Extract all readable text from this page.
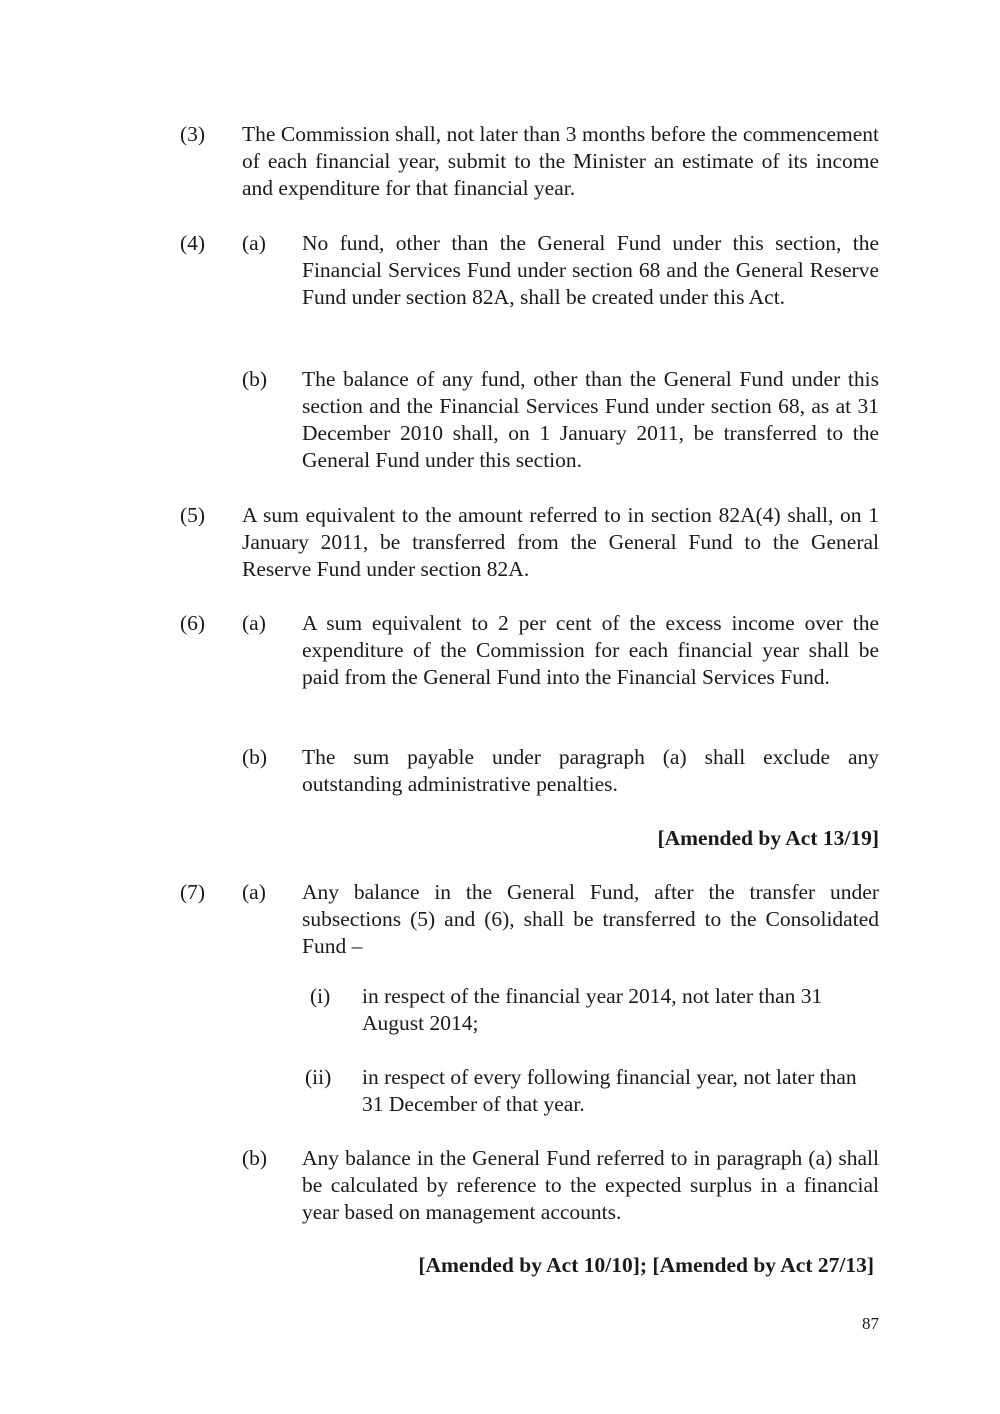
(3) The Commission shall, not later than 3 months before the commencement of each financial year, submit to the Minister an estimate of its income and expenditure for that financial year.
(4) (a) No fund, other than the General Fund under this section, the Financial Services Fund under section 68 and the General Reserve Fund under section 82A, shall be created under this Act.
(b) The balance of any fund, other than the General Fund under this section and the Financial Services Fund under section 68, as at 31 December 2010 shall, on 1 January 2011, be transferred to the General Fund under this section.
(5) A sum equivalent to the amount referred to in section 82A(4) shall, on 1 January 2011, be transferred from the General Fund to the General Reserve Fund under section 82A.
(6) (a) A sum equivalent to 2 per cent of the excess income over the expenditure of the Commission for each financial year shall be paid from the General Fund into the Financial Services Fund.
(b) The sum payable under paragraph (a) shall exclude any outstanding administrative penalties.
[Amended by Act 13/19]
(7) (a) Any balance in the General Fund, after the transfer under subsections (5) and (6), shall be transferred to the Consolidated Fund –
(i) in respect of the financial year 2014, not later than 31 August 2014;
(ii) in respect of every following financial year, not later than 31 December of that year.
(b) Any balance in the General Fund referred to in paragraph (a) shall be calculated by reference to the expected surplus in a financial year based on management accounts.
[Amended by Act 10/10]; [Amended by Act 27/13]
87
